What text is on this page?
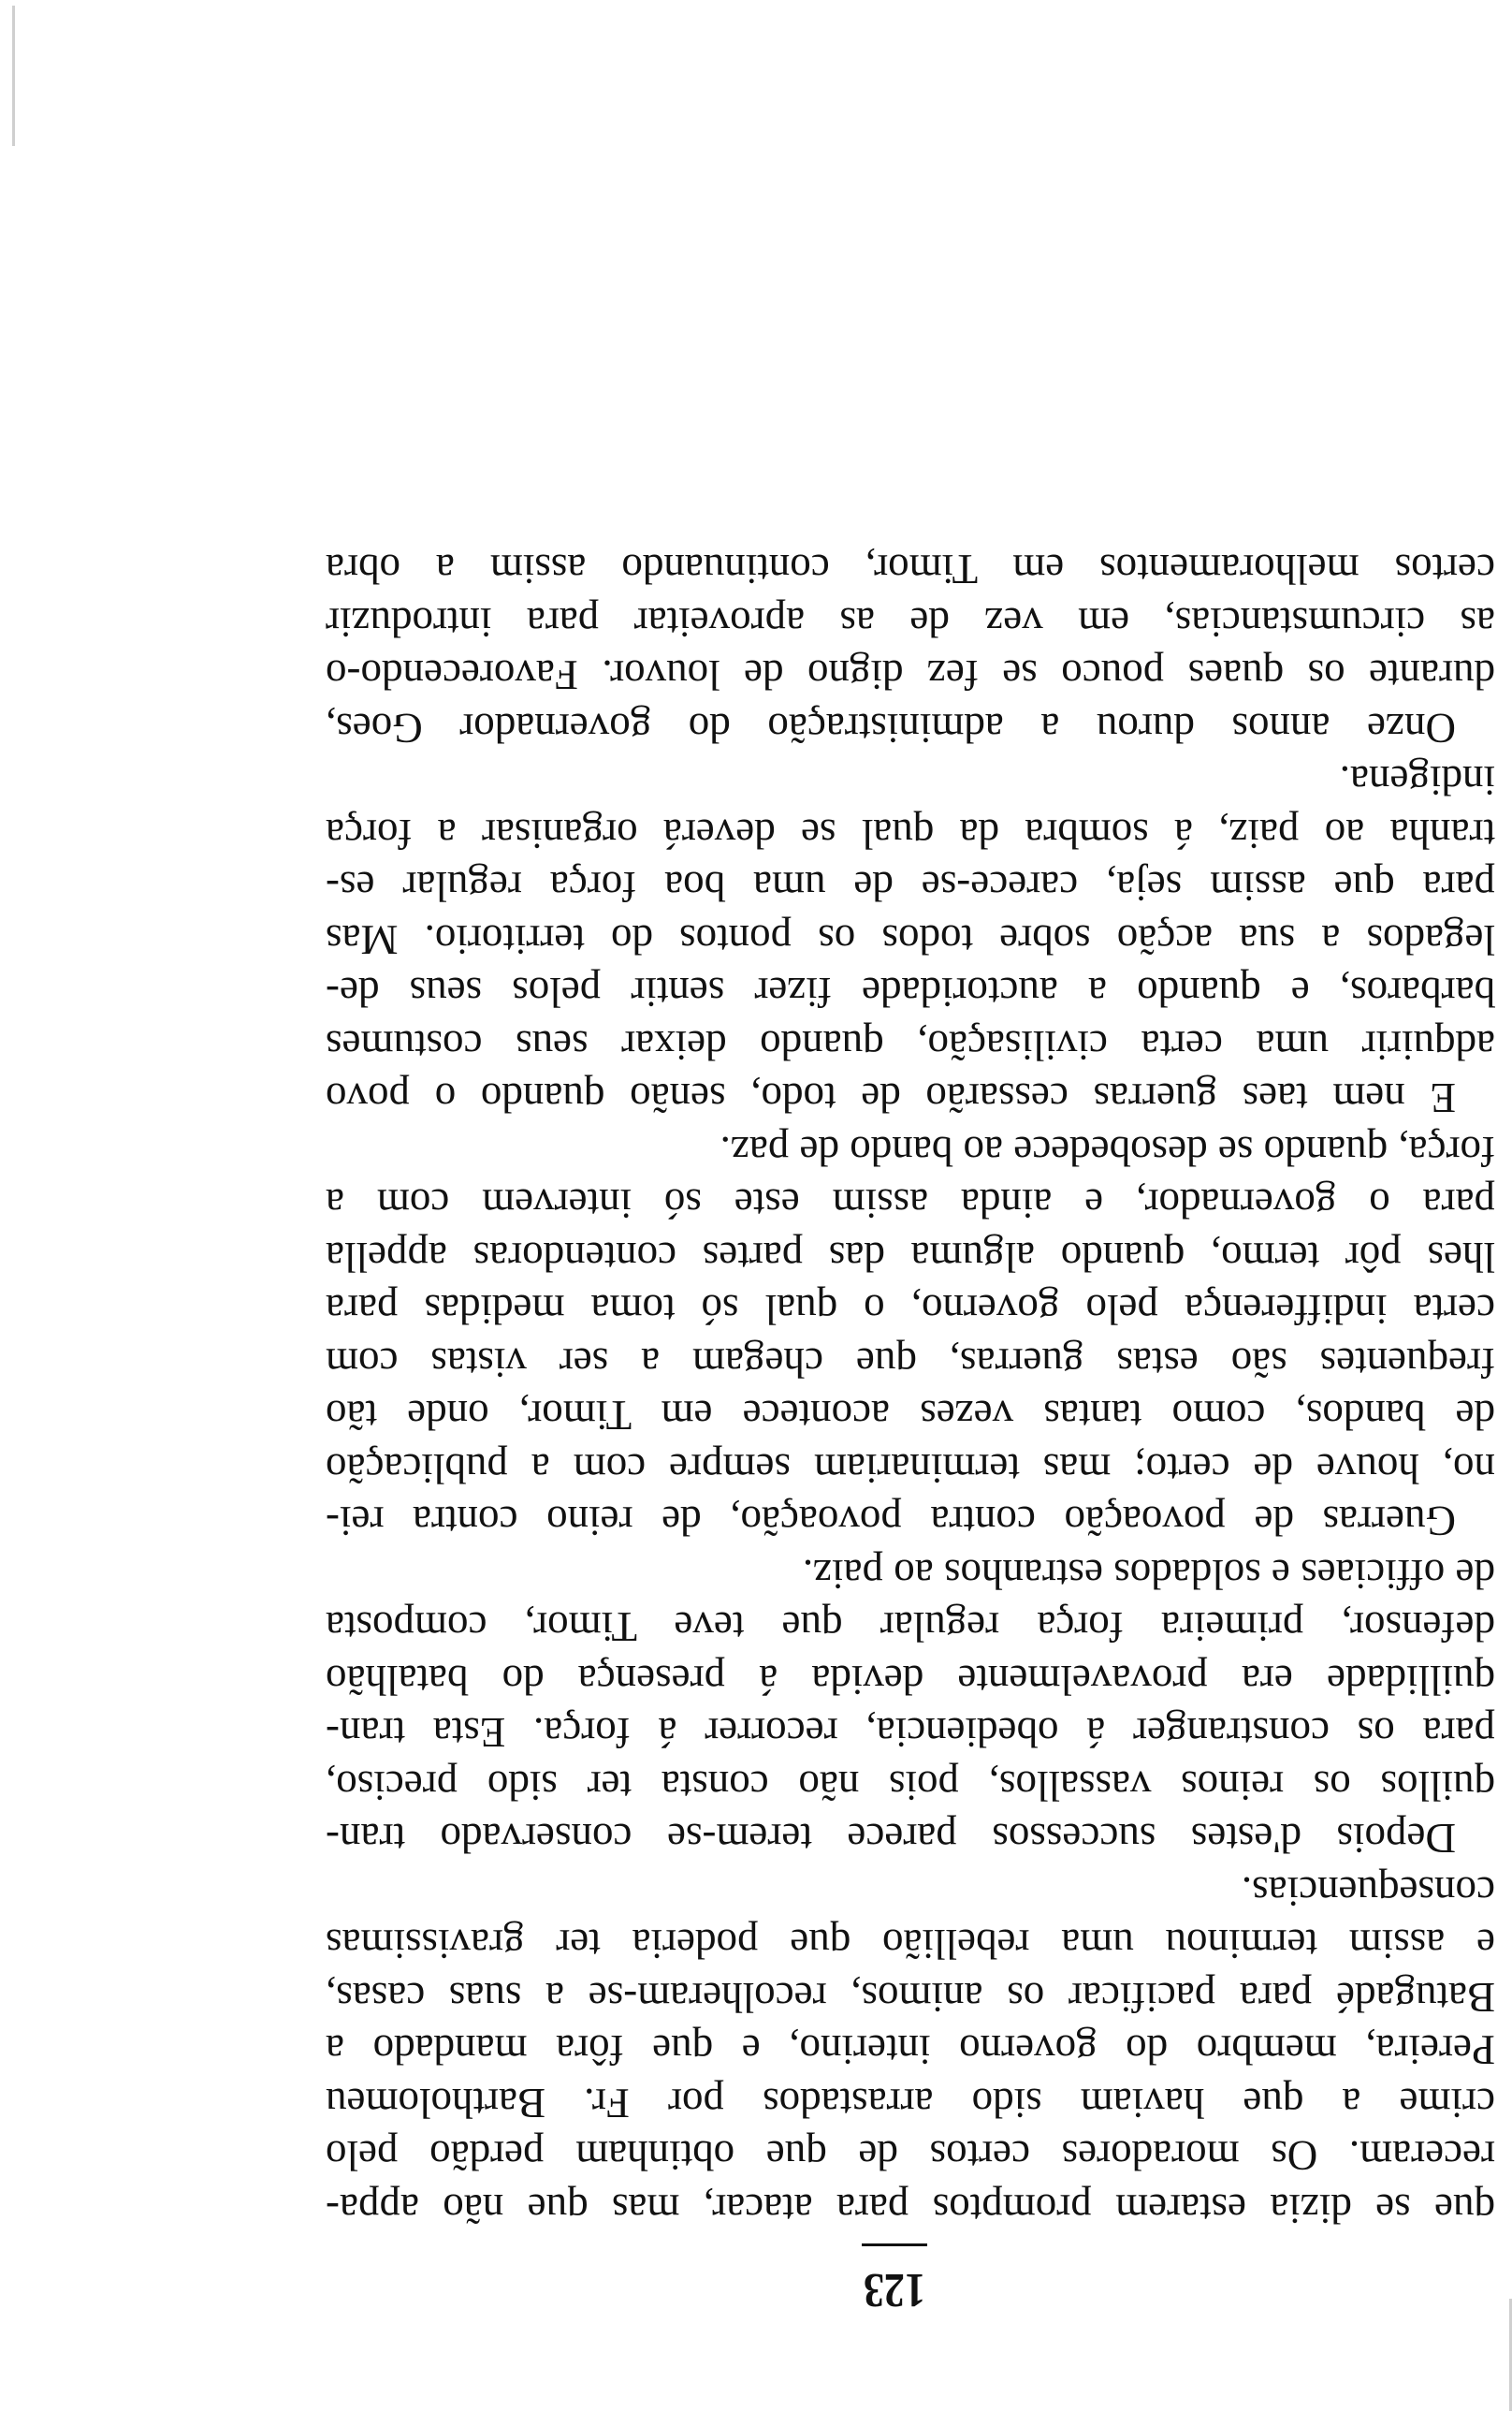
123
que se dizia estarem promptos para atacar, mas que não appa-
receram. Os moradores certos de que obtinham perdão pelo
crime a que haviam sido arrastados por Fr. Bartholomeu
Pereira, membro do governo interino, e que fôra mandado a
Batugadé para pacificar os animos, recolheram-se a suas casas,
e assim terminou uma rebellião que poderia ter gravissimas
consequencias.
Depois d'estes successos parece terem-se conservado tran-
quillos os reinos vassallos, pois não consta ter sido preciso,
para os constranger á obediencia, recorrer á força. Esta tran-
quillidade era provavelmente devida á presença do batalhão
defensor, primeira força regular que teve Timor, composta
de officiaes e soldados estranhos ao paiz.
Guerras de povoação contra povoação, de reino contra rei-
no, houve de certo; mas terminariam sempre com a publicação
de bandos, como tantas vezes acontece em Timor, onde tão
frequentes são estas guerras, que chegam a ser vistas com
certa indifferença pelo governo, o qual só toma medidas para
lhes pôr termo, quando alguma das partes contendoras appella
para o governador, e ainda assim este só intervem com a
força, quando se desobedece ao bando de paz.
E nem taes guerras cessarão de todo, senão quando o povo
adquirir uma certa civilisação, quando deixar seus costumes
barbaros, e quando a auctoridade fizer sentir pelos seus de-
legados a sua acção sobre todos os pontos do territorio. Mas
para que assim seja, carece-se de uma boa força regular es-
tranha ao paiz, á sombra da qual se deverá organisar a força
indigena.
Onze annos durou a administração do governador Goes,
durante os quaes pouco se fez digno de louvor. Favorecendo-o
as circumstancias, em vez de as aproveitar para introduzir
certos melhoramentos em Timor, continuando assim a obra
